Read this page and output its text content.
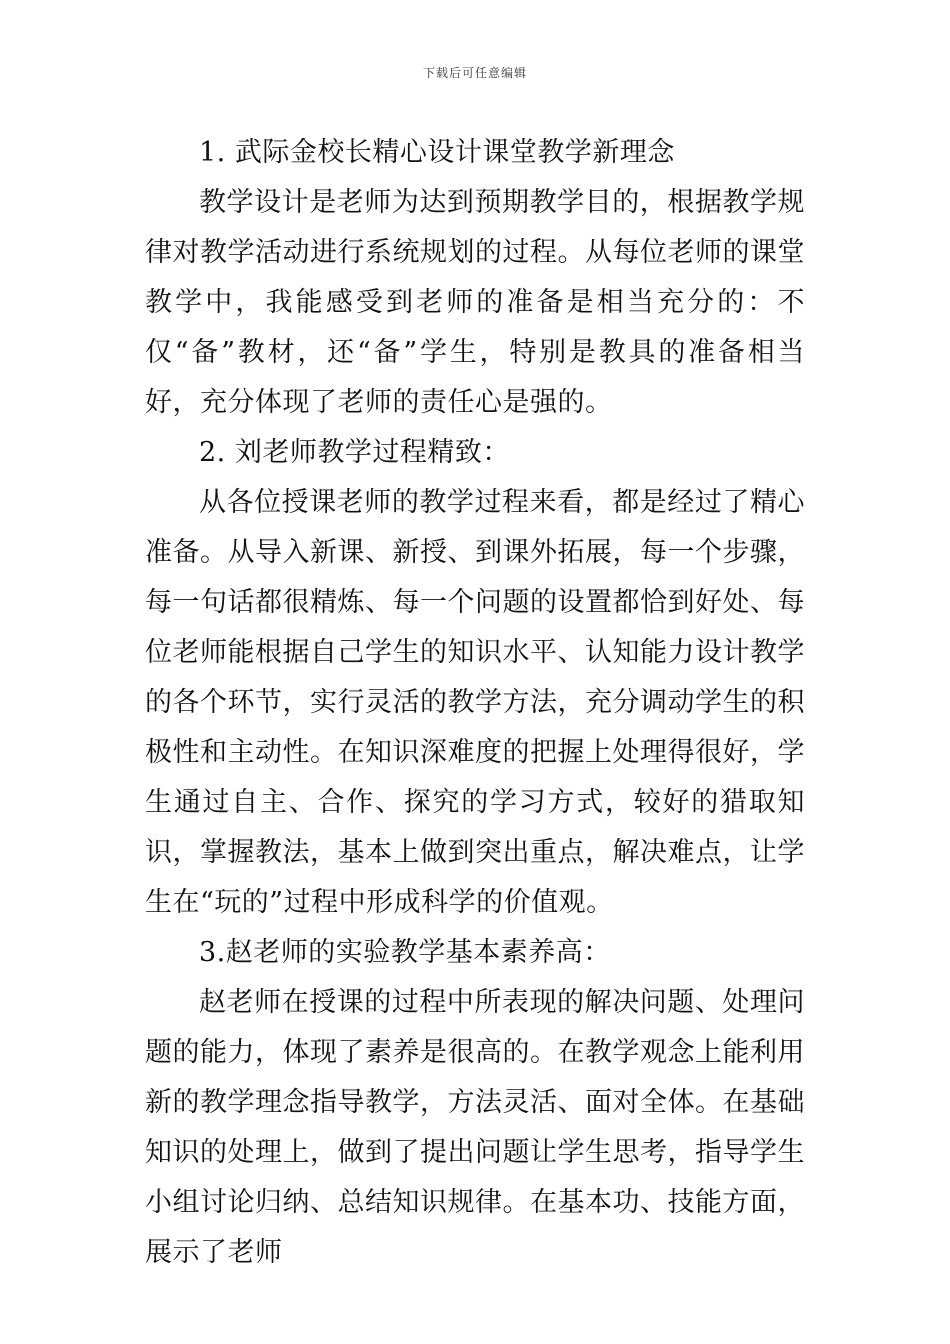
下载后可任意编辑

1. 武际金校长精心设计课堂教学新理念

教学设计是老师为达到预期教学目的，根据教学规律对教学活动进行系统规划的过程。从每位老师的课堂教学中，我能感受到老师的准备是相当充分的：不仅“备”教材，还“备”学生，特别是教具的准备相当好，充分体现了老师的责任心是强的。

2. 刘老师教学过程精致：

从各位授课老师的教学过程来看，都是经过了精心准备。从导入新课、新授、到课外拓展，每一个步骤，每一句话都很精炼、每一个问题的设置都恰到好处、每位老师能根据自己学生的知识水平、认知能力设计教学的各个环节，实行灵活的教学方法，充分调动学生的积极性和主动性。在知识深难度的把握上处理得很好，学生通过自主、合作、探究的学习方式，较好的猎取知识，掌握教法，基本上做到突出重点，解决难点，让学生在“玩的”过程中形成科学的价值观。

3.赵老师的实验教学基本素养高：

赵老师在授课的过程中所表现的解决问题、处理问题的能力，体现了素养是很高的。在教学观念上能利用新的教学理念指导教学，方法灵活、面对全体。在基础知识的处理上，做到了提出问题让学生思考，指导学生小组讨论归纳、总结知识规律。在基本功、技能方面，展示了老师
